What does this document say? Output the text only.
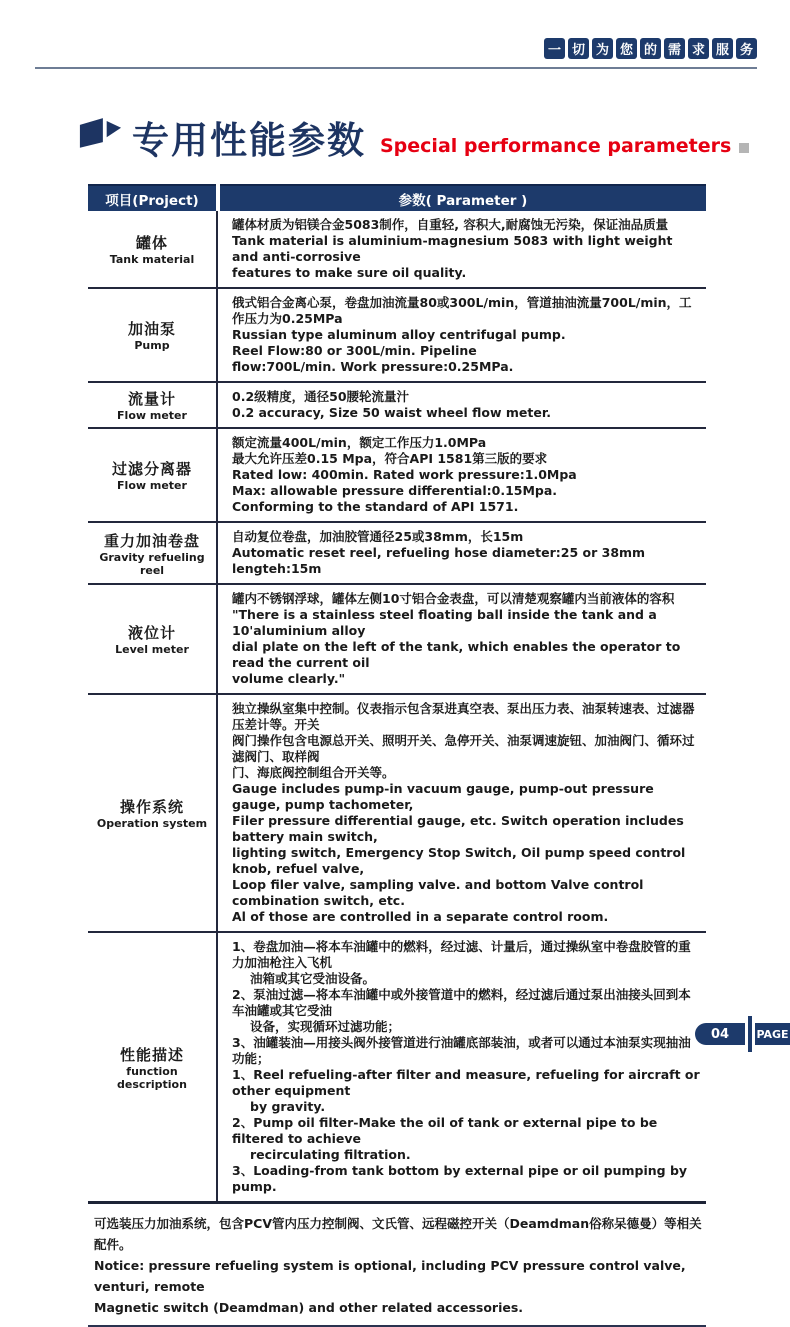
一 切 为 您 的 需 求 服 务
专用性能参数 Special performance parameters
项目(Project)	参数( Parameter )
罐体
Tank material
罐体材质为铝镁合金5083制作，自重轻, 容积大,耐腐蚀无污染，保证油品质量
Tank material is aluminium-magnesium 5083 with light weight and anti-corrosive
features to make sure oil quality.
加油泵
Pump
俄式铝合金离心泵，卷盘加油流量80或300L/min，管道抽油流量700L/min，工作压力为0.25MPa
Russian type aluminum alloy centrifugal pump.
Reel Flow:80 or 300L/min. Pipeline
flow:700L/min. Work pressure:0.25MPa.
流量计
Flow meter
0.2级精度，通径50腰轮流量汁
0.2 accuracy, Size 50 waist wheel flow meter.
过滤分离器
Flow meter
额定流量400L/min，额定工作压力1.0MPa
最大允许压差0.15 Mpa，符合API 1581第三版的要求
Rated low: 400min. Rated work pressure:1.0Mpa
Max: allowable pressure differential:0.15Mpa.
Conforming to the standard of API 1571.
重力加油卷盘
Gravity refueling reel
自动复位卷盘，加油胶管通径25或38mm，长15m
Automatic reset reel, refueling hose diameter:25 or 38mm lengteh:15m
液位计
Level meter
罐内不锈钢浮球，罐体左侧10寸铝合金表盘，可以清楚观察罐内当前液体的容积
"There is a stainless steel floating ball inside the tank and a 10'aluminium alloy
dial plate on the left of the tank, which enables the operator to read the current oil
volume clearly."
操作系统
Operation system
独立操纵室集中控制。仪表指示包含泵进真空表、泵出压力表、油泵转速表、过滤器压差计等。开关
阀门操作包含电源总开关、照明开关、急停开关、油泵调速旋钮、加油阀门、循环过滤阀门、取样阀
门、海底阀控制组合开关等。
Gauge includes pump-in vacuum gauge, pump-out pressure gauge, pump tachometer,
Filer pressure differential gauge, etc. Switch operation includes battery main switch,
lighting switch, Emergency Stop Switch, Oil pump speed control knob, refuel valve,
Loop filer valve, sampling valve. and bottom Valve control combination switch, etc.
Al of those are controlled in a separate control room.
性能描述
function description
1、卷盘加油—将本车油罐中的燃料，经过滤、计量后，通过操纵室中卷盘胶管的重力加油枪注入飞机
油箱或其它受油设备。
2、泵油过滤—将本车油罐中或外接管道中的燃料，经过滤后通过泵出油接头回到本车油罐或其它受油
设备，实现循环过滤功能；
3、油罐装油—用接头阀外接管道进行油罐底部装油，或者可以通过本油泵实现抽油功能；
1、Reel refueling-after filter and measure, refueling for aircraft or other equipment
by gravity.
2、Pump oil filter-Make the oil of tank or external pipe to be filtered to achieve
recirculating filtration.
3、Loading-from tank bottom by external pipe or oil pumping by pump.
可选装压力加油系统，包含PCV管内压力控制阀、文氏管、远程磁控开关（Deamdman俗称呆德曼）等相关配件。
Notice: pressure refueling system is optional, including PCV pressure control valve, venturi, remote
Magnetic switch (Deamdman) and other related accessories.
04	PAGE
